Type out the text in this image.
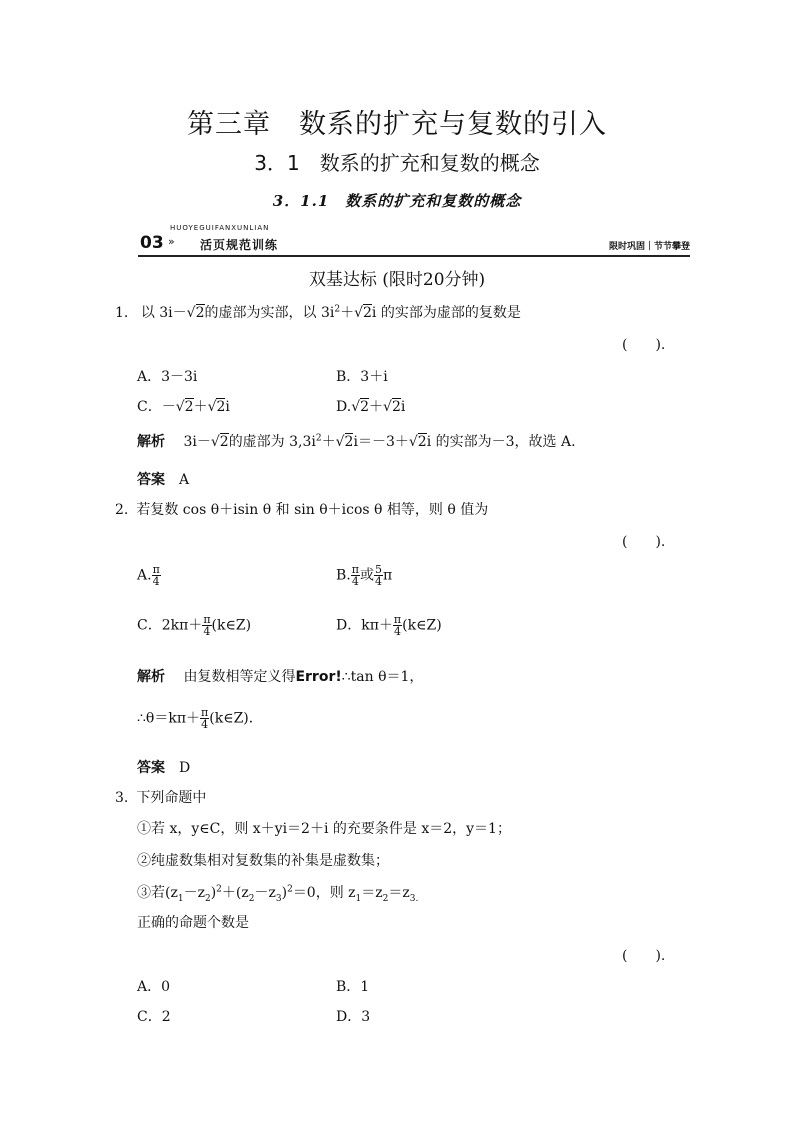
第三章　数系的扩充与复数的引入
3．1　数系的扩充和复数的概念
3．1.1　数系的扩充和复数的概念
HUOYEGUIFANXUNLIAN
03 » 活页规范训练	限时巩固｜节节攀登
双基达标 (限时20分钟)
1. 以 3i－√2的虚部为实部，以 $3i^2+√2i$ 的实部为虚部的复数是
(　　).
A．3－3i	B．3＋i
C．－√2＋√2i	D.√2＋√2i
解析 3i－√2的虚部为 $3,3i^2+√2i=-3+√2i$ 的实部为－3，故选 A.
答案 A
2. 若复数 cos θ＋isin θ 和 sin θ＋icos θ 相等，则 θ 值为
(　　).
A. $\frac{\pi}{4}$	B. $\frac{\pi}{4}$ 或 $\frac{5}{4}$ π
C．$2k\pi+ \frac{\pi}{4}$ (k∈Z)	D．$k\pi+ \frac{\pi}{4}$ (k∈Z)
解析 由复数相等定义得Error!∴tan θ＝1，
∴θ＝kπ＋ $\frac{\pi}{4}$ (k∈Z)．
答案 D
3. 下列命题中
①若 x，y∈C，则 x＋yi＝2＋i 的充要条件是 x＝2，y＝1；
②纯虚数集相对复数集的补集是虚数集；
③若$(z_1-z_2)^2+(z_2-z_3)^2=0$，则 $z_1=z_2=z_{3.}$
正确的命题个数是
(　　).
A．0	B．1
C．2	D．3
